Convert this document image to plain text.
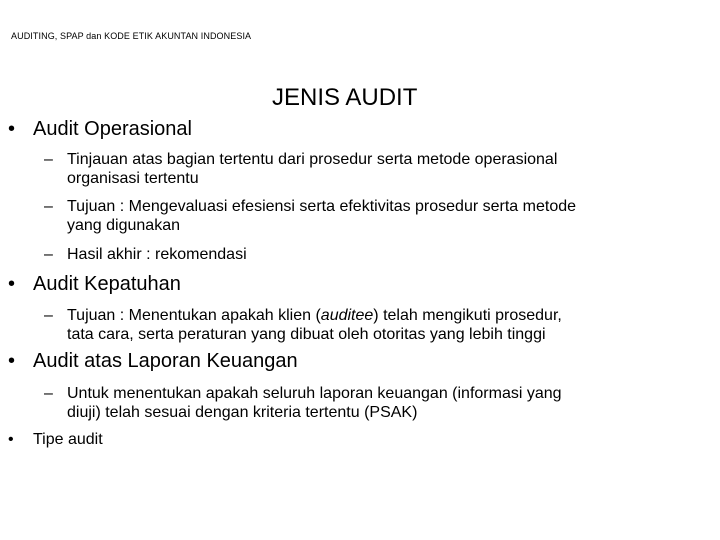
AUDITING, SPAP dan KODE ETIK AKUNTAN INDONESIA
JENIS AUDIT
• Audit Operasional
– Tinjauan atas bagian tertentu dari prosedur serta metode operasional
organisasi tertentu
– Tujuan : Mengevaluasi efesiensi serta efektivitas prosedur serta metode
yang digunakan
– Hasil akhir : rekomendasi
• Audit Kepatuhan
– Tujuan : Menentukan apakah klien (auditee) telah mengikuti prosedur,
tata cara, serta peraturan yang dibuat oleh otoritas yang lebih tinggi
• Audit atas Laporan Keuangan
– Untuk menentukan apakah seluruh laporan keuangan (informasi yang
diuji) telah sesuai dengan kriteria tertentu (PSAK)
• Tipe audit
